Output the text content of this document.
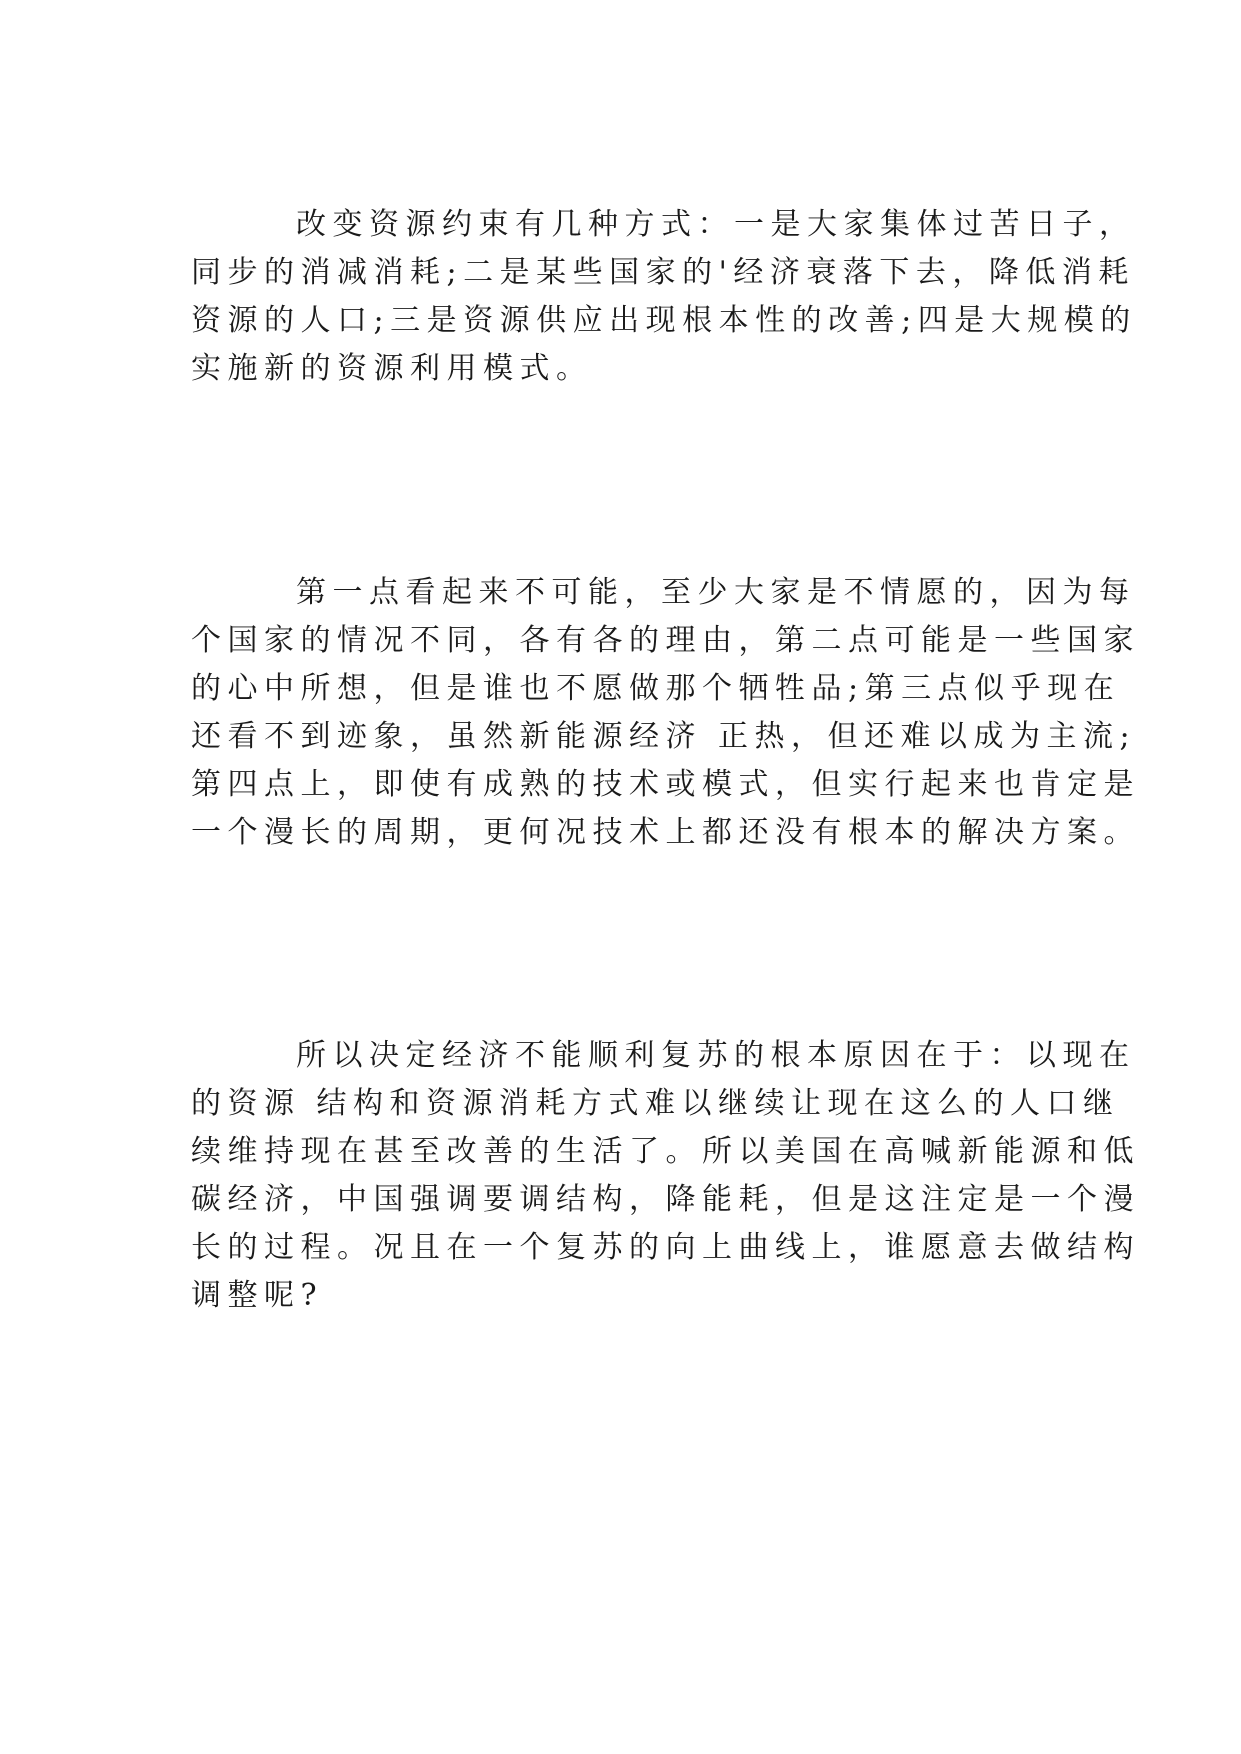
改变资源约束有几种方式：一是大家集体过苦日子，
同步的消减消耗;二是某些国家的'经济衰落下去，降低消耗
资源的人口;三是资源供应出现根本性的改善;四是大规模的
实施新的资源利用模式。

第一点看起来不可能，至少大家是不情愿的，因为每
个国家的情况不同，各有各的理由，第二点可能是一些国家
的心中所想，但是谁也不愿做那个牺牲品;第三点似乎现在
还看不到迹象，虽然新能源经济 正热，但还难以成为主流;
第四点上，即使有成熟的技术或模式，但实行起来也肯定是
一个漫长的周期，更何况技术上都还没有根本的解决方案。

所以决定经济不能顺利复苏的根本原因在于：以现在
的资源 结构和资源消耗方式难以继续让现在这么的人口继
续维持现在甚至改善的生活了。所以美国在高喊新能源和低
碳经济，中国强调要调结构，降能耗，但是这注定是一个漫
长的过程。况且在一个复苏的向上曲线上，谁愿意去做结构
调整呢?
